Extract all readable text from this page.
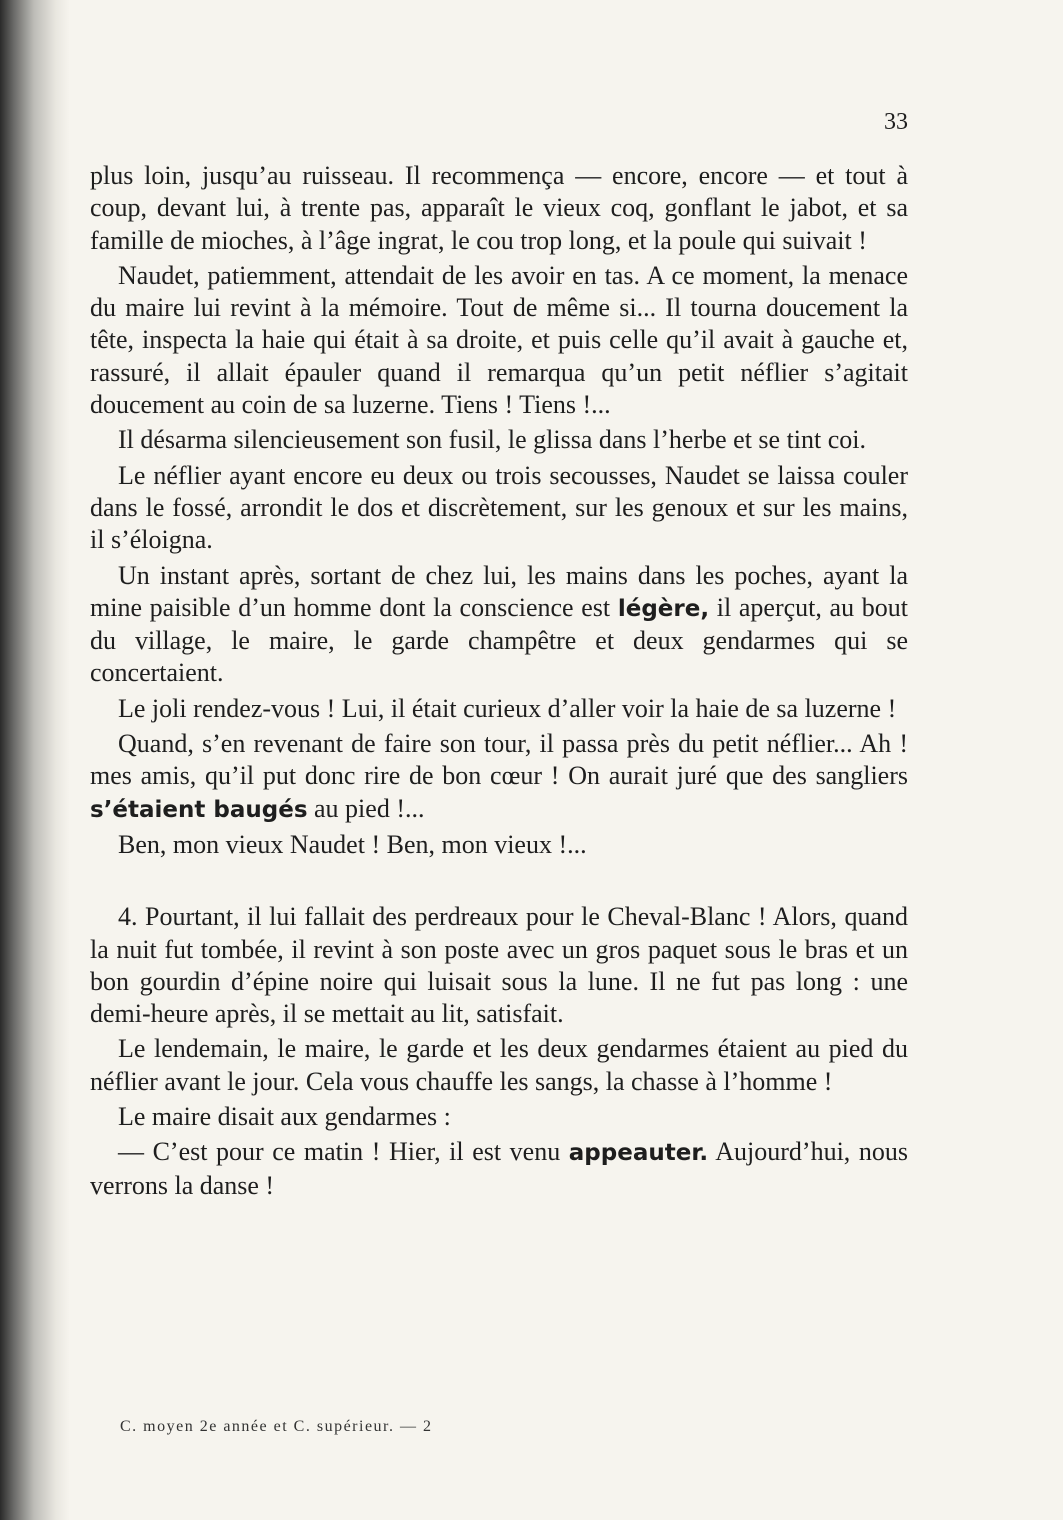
33

plus loin, jusqu’au ruisseau. Il recommença — encore, encore — et tout à coup, devant lui, à trente pas, apparaît le vieux coq, gonflant le jabot, et sa famille de mioches, à l’âge ingrat, le cou trop long, et la poule qui suivait !

Naudet, patiemment, attendait de les avoir en tas. A ce moment, la menace du maire lui revint à la mémoire. Tout de même si... Il tourna doucement la tête, inspecta la haie qui était à sa droite, et puis celle qu’il avait à gauche et, rassuré, il allait épauler quand il remarqua qu’un petit néflier s’agitait doucement au coin de sa luzerne. Tiens ! Tiens !...

Il désarma silencieusement son fusil, le glissa dans l’herbe et se tint coi.

Le néflier ayant encore eu deux ou trois secousses, Naudet se laissa couler dans le fossé, arrondit le dos et discrètement, sur les genoux et sur les mains, il s’éloigna.

Un instant après, sortant de chez lui, les mains dans les poches, ayant la mine paisible d’un homme dont la conscience est légère, il aperçut, au bout du village, le maire, le garde champêtre et deux gendarmes qui se concertaient.

Le joli rendez-vous ! Lui, il était curieux d’aller voir la haie de sa luzerne !

Quand, s’en revenant de faire son tour, il passa près du petit néflier... Ah ! mes amis, qu’il put donc rire de bon cœur ! On aurait juré que des sangliers s’étaient baugés au pied !...

Ben, mon vieux Naudet ! Ben, mon vieux !...

4. Pourtant, il lui fallait des perdreaux pour le Cheval-Blanc ! Alors, quand la nuit fut tombée, il revint à son poste avec un gros paquet sous le bras et un bon gourdin d’épine noire qui luisait sous la lune. Il ne fut pas long : une demi-heure après, il se mettait au lit, satisfait.

Le lendemain, le maire, le garde et les deux gendarmes étaient au pied du néflier avant le jour. Cela vous chauffe les sangs, la chasse à l’homme !

Le maire disait aux gendarmes :

— C’est pour ce matin ! Hier, il est venu appeauter. Aujourd’hui, nous verrons la danse !

C. moyen 2e année et C. supérieur. — 2
